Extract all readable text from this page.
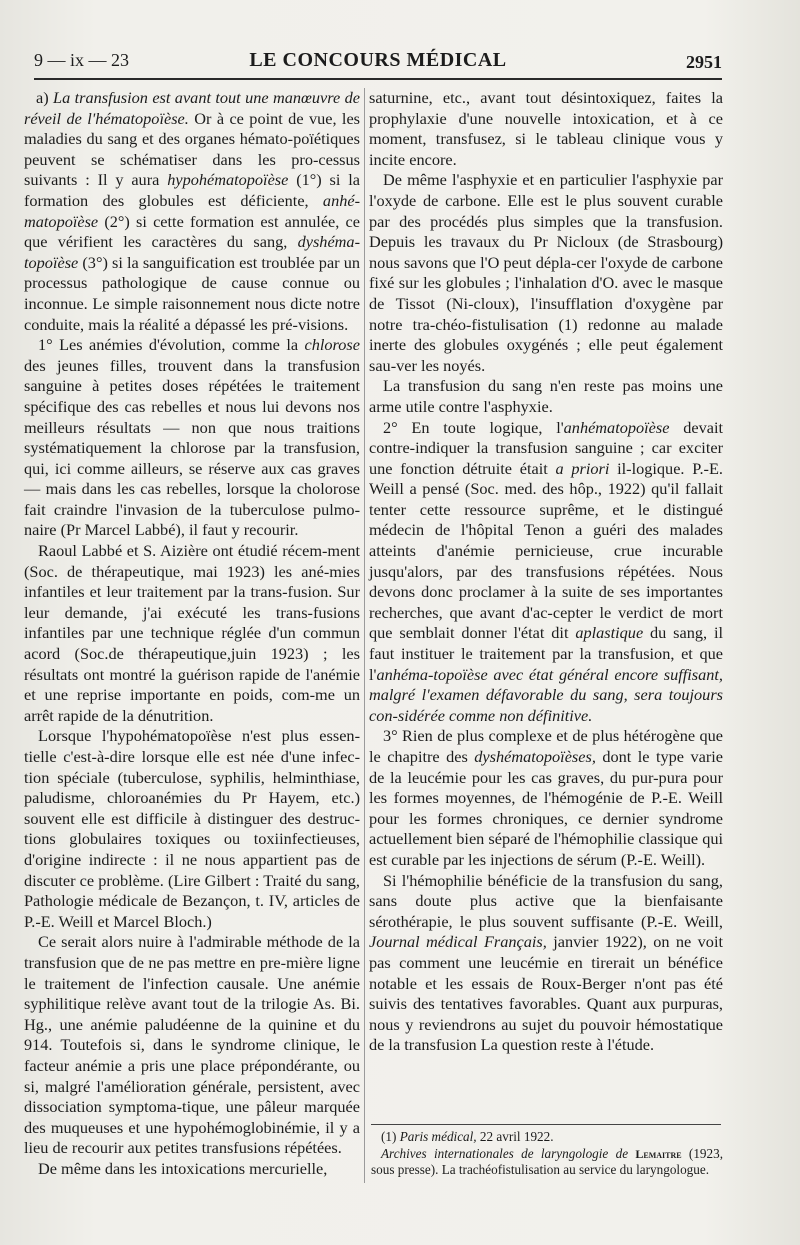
9 — ix — 23	LE CONCOURS MÉDICAL	2951

a) La transfusion est avant tout une manœuvre de réveil de l'hématopoïèse. Or à ce point de vue, les maladies du sang et des organes hémato-poïétiques peuvent se schématiser dans les pro-cessus suivants : Il y aura hypohématopoïèse (1°) si la formation des globules est déficiente, anhé-matopoïèse (2°) si cette formation est annulée, ce que vérifient les caractères du sang, dyshéma-topoïèse (3°) si la sanguification est troublée par un processus pathologique de cause connue ou inconnue. Le simple raisonnement nous dicte notre conduite, mais la réalité a dépassé les pré-visions.

1° Les anémies d'évolution, comme la chlorose des jeunes filles, trouvent dans la transfusion sanguine à petites doses répétées le traitement spécifique des cas rebelles et nous lui devons nos meilleurs résultats — non que nous traitions systématiquement la chlorose par la transfusion, qui, ici comme ailleurs, se réserve aux cas graves — mais dans les cas rebelles, lorsque la cholorose fait craindre l'invasion de la tuberculose pulmo-naire (Pr Marcel Labbé), il faut y recourir.

Raoul Labbé et S. Aizière ont étudié récem-ment (Soc. de thérapeutique, mai 1923) les ané-mies infantiles et leur traitement par la trans-fusion. Sur leur demande, j'ai exécuté les trans-fusions infantiles par une technique réglée d'un commun acord (Soc.de thérapeutique,juin 1923) ; les résultats ont montré la guérison rapide de l'anémie et une reprise importante en poids, com-me un arrêt rapide de la dénutrition.

Lorsque l'hypohématopoïèse n'est plus essen-tielle c'est-à-dire lorsque elle est née d'une infec-tion spéciale (tuberculose, syphilis, helminthiase, paludisme, chloroanémies du Pr Hayem, etc.) souvent elle est difficile à distinguer des destruc-tions globulaires toxiques ou toxiinfectieuses, d'origine indirecte : il ne nous appartient pas de discuter ce problème. (Lire Gilbert : Traité du sang, Pathologie médicale de Bezançon, t. IV, articles de P.-E. Weill et Marcel Bloch.)

Ce serait alors nuire à l'admirable méthode de la transfusion que de ne pas mettre en pre-mière ligne le traitement de l'infection causale. Une anémie syphilitique relève avant tout de la trilogie As. Bi. Hg., une anémie paludéenne de la quinine et du 914. Toutefois si, dans le syndrome clinique, le facteur anémie a pris une place prépondérante, ou si, malgré l'amélioration générale, persistent, avec dissociation symptoma-tique, une pâleur marquée des muqueuses et une hypohémoglobinémie, il y a lieu de recourir aux petites transfusions répétées.

De même dans les intoxications mercurielle,

saturnine, etc., avant tout désintoxiquez, faites la prophylaxie d'une nouvelle intoxication, et à ce moment, transfusez, si le tableau clinique vous y incite encore.

De même l'asphyxie et en particulier l'asphyxie par l'oxyde de carbone. Elle est le plus souvent curable par des procédés plus simples que la transfusion. Depuis les travaux du Pr Nicloux (de Strasbourg) nous savons que l'O peut dépla-cer l'oxyde de carbone fixé sur les globules ; l'inhalation d'O. avec le masque de Tissot (Ni-cloux), l'insufflation d'oxygène par notre tra-chéo-fistulisation (1) redonne au malade inerte des globules oxygénés ; elle peut également sau-ver les noyés.

La transfusion du sang n'en reste pas moins une arme utile contre l'asphyxie.

2° En toute logique, l'anhématopoïèse devait contre-indiquer la transfusion sanguine ; car exciter une fonction détruite était a priori il-logique. P.-E. Weill a pensé (Soc. med. des hôp., 1922) qu'il fallait tenter cette ressource suprême, et le distingué médecin de l'hôpital Tenon a guéri des malades atteints d'anémie pernicieuse, crue incurable jusqu'alors, par des transfusions répétées. Nous devons donc proclamer à la suite de ses importantes recherches, que avant d'ac-cepter le verdict de mort que semblait donner l'état dit aplastique du sang, il faut instituer le traitement par la transfusion, et que l'anhéma-topoïèse avec état général encore suffisant, malgré l'examen défavorable du sang, sera toujours con-sidérée comme non définitive.

3° Rien de plus complexe et de plus hétérogène que le chapitre des dyshématopoïèses, dont le type varie de la leucémie pour les cas graves, du pur-pura pour les formes moyennes, de l'hémogénie de P.-E. Weill pour les formes chroniques, ce dernier syndrome actuellement bien séparé de l'hémophilie classique qui est curable par les injections de sérum (P.-E. Weill).

Si l'hémophilie bénéficie de la transfusion du sang, sans doute plus active que la bienfaisante sérothérapie, le plus souvent suffisante (P.-E. Weill, Journal médical Français, janvier 1922), on ne voit pas comment une leucémie en tirerait un bénéfice notable et les essais de Roux-Berger n'ont pas été suivis des tentatives favorables. Quant aux purpuras, nous y reviendrons au sujet du pouvoir hémostatique de la transfusion La question reste à l'étude.

(1) Paris médical, 22 avril 1922.

Archives internationales de laryngologie de Lemaitre (1923, sous presse). La trachéofistulisation au service du laryngologue.
